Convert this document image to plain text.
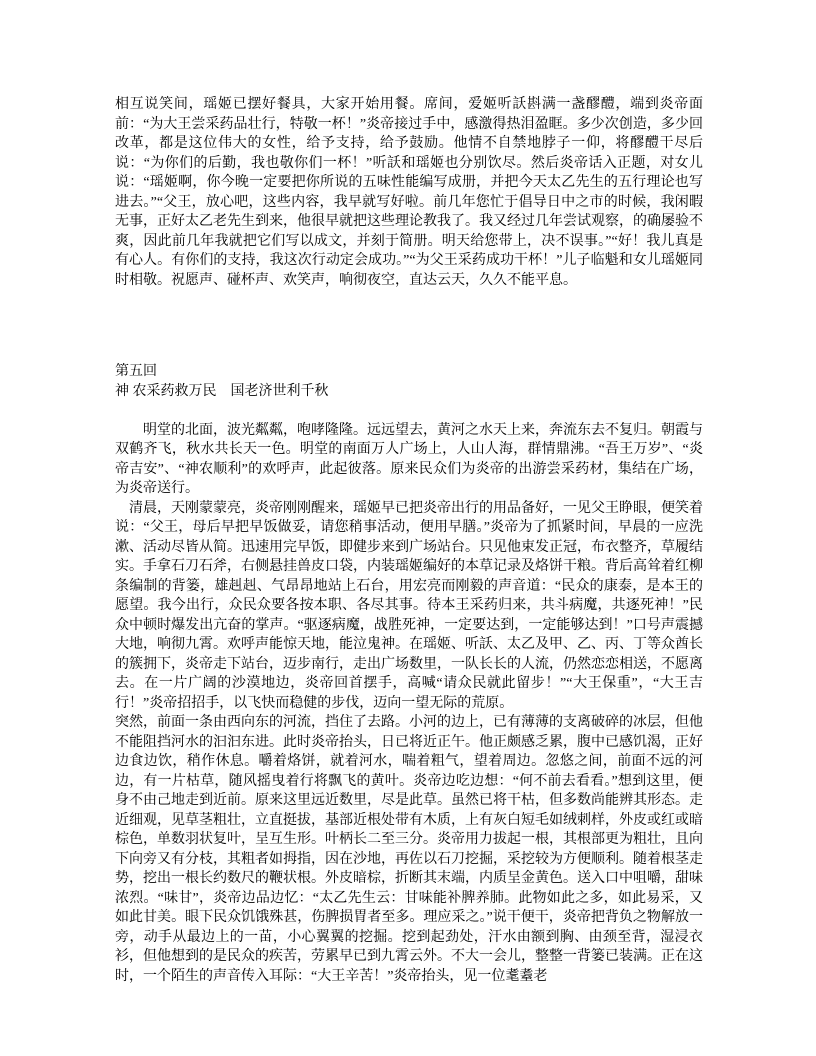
相互说笑间，瑶姬已摆好餐具，大家开始用餐。席间，爱姬听訞斟满一盏醪醴，端到炎帝面前：“为大王尝采药品壮行，特敬一杯！”炎帝接过手中，感激得热泪盈眶。多少次创造，多少回改革，都是这位伟大的女性，给予支持，给予鼓励。他情不自禁地脖子一仰，将醪醴干尽后说：“为你们的后勤，我也敬你们一杯！”听訞和瑶姬也分别饮尽。然后炎帝话入正题，对女儿说：“瑶姬啊，你今晚一定要把你所说的五味性能编写成册，并把今天太乙先生的五行理论也写进去。”“父王，放心吧，这些内容，我早就写好啦。前几年您忙于倡导日中之市的时候，我闲暇无事，正好太乙老先生到来，他很早就把这些理论教我了。我又经过几年尝试观察，的确屡验不爽，因此前几年我就把它们写以成文，并刻于简册。明天给您带上，决不误事。”“好！我儿真是有心人。有你们的支持，我这次行动定会成功。”“为父王采药成功干杯！”儿子临魁和女儿瑶姬同时相敬。祝愿声、碰杯声、欢笑声，响彻夜空，直达云天，久久不能平息。

第五回

神 农采药救万民　国老济世利千秋

明堂的北面，波光粼粼，咆哮隆隆。远远望去，黄河之水天上来，奔流东去不复归。朝霞与双鹤齐飞，秋水共长天一色。明堂的南面万人广场上，人山人海，群情鼎沸。“吾王万岁”、“炎帝吉安”、“神农顺利”的欢呼声，此起彼落。原来民众们为炎帝的出游尝采药材，集结在广场，为炎帝送行。

清晨，天刚蒙蒙亮，炎帝刚刚醒来，瑶姬早已把炎帝出行的用品备好，一见父王睁眼，便笑着说：“父王，母后早把早饭做妥，请您稍事活动，便用早膳。”炎帝为了抓紧时间，早晨的一应洗漱、活动尽皆从简。迅速用完早饭，即健步来到广场站台。只见他束发正冠，布衣整齐，草履结实。手拿石刀石斧，右侧悬挂兽皮口袋，内装瑶姬编好的本草记录及烙饼干粮。背后高耸着红柳条编制的背篓，雄赳赳、气昂昂地站上石台，用宏亮而刚毅的声音道：“民众的康泰，是本王的愿望。我今出行，众民众要各按本职、各尽其事。待本王采药归来，共斗病魔，共逐死神！”民众中顿时爆发出亢奋的掌声。“驱逐病魔，战胜死神，一定要达到，一定能够达到！”口号声震撼大地，响彻九霄。欢呼声能惊天地，能泣鬼神。在瑶姬、听訞、太乙及甲、乙、丙、丁等众酋长的簇拥下，炎帝走下站台，迈步南行，走出广场数里，一队长长的人流，仍然恋恋相送，不愿离去。在一片广阔的沙漠地边，炎帝回首摆手，高喊“请众民就此留步！”“大王保重”，“大王吉行！”炎帝招招手，以飞快而稳健的步伐，迈向一望无际的荒原。

突然，前面一条由西向东的河流，挡住了去路。小河的边上，已有薄薄的支离破碎的冰层，但他不能阻挡河水的汩汩东进。此时炎帝抬头，日已将近正午。他正颇感乏累，腹中已感饥渴，正好边食边饮，稍作休息。嚼着烙饼，就着河水，喘着粗气，望着周边。忽悠之间，前面不远的河边，有一片枯草，随风摇曳着行将飘飞的黄叶。炎帝边吃边想：“何不前去看看。”想到这里，便身不由己地走到近前。原来这里远近数里，尽是此草。虽然已将干枯，但多数尚能辨其形态。走近细观，见草茎粗壮，立直挺拔，基部近根处带有木质，上有灰白短毛如绒刺样，外皮或红或暗棕色，单数羽状复叶，呈互生形。叶柄长二至三分。炎帝用力拔起一根，其根部更为粗壮，且向下向旁又有分枝，其粗者如拇指，因在沙地，再佐以石刀挖掘，采挖较为方便顺利。随着根茎走势，挖出一根长约数尺的鞭状根。外皮暗棕，折断其末端，内质呈金黄色。送入口中咀嚼，甜味浓烈。“味甘”，炎帝边品边忆：“太乙先生云：甘味能补脾养肺。此物如此之多，如此易采，又如此甘美。眼下民众饥饿殊甚，伤脾损胃者至多。理应采之。”说干便干，炎帝把背负之物解放一旁，动手从最边上的一苗，小心翼翼的挖掘。挖到起劲处，汗水由额到胸、由颈至背，湿浸衣衫，但他想到的是民众的疾苦，劳累早已到九霄云外。不大一会儿，整整一背篓已装满。正在这时，一个陌生的声音传入耳际：“大王辛苦！”炎帝抬头，见一位耄耋老
